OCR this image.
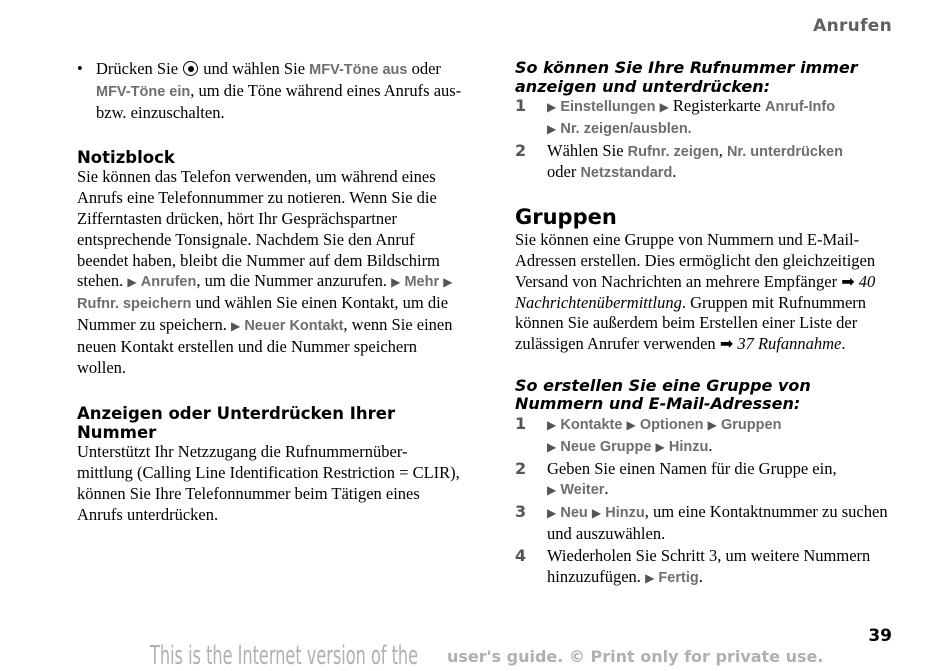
Anrufen
• Drücken Sie und wählen Sie MFV-Töne aus oder MFV-Töne ein, um die Töne während eines Anrufs aus- bzw. einzuschalten.
Notizblock

Sie können das Telefon verwenden, um während eines Anrufs eine Telefonnummer zu notieren. Wenn Sie die Zifferntasten drücken, hört Ihr Gesprächspartner entsprechende Tonsignale. Nachdem Sie den Anruf beendet haben, bleibt die Nummer auf dem Bildschirm stehen. ▶ Anrufen, um die Nummer anzurufen. ▶ Mehr ▶ Rufnr. speichern und wählen Sie einen Kontakt, um die Nummer zu speichern. ▶ Neuer Kontakt, wenn Sie einen neuen Kontakt erstellen und die Nummer speichern wollen.

Anzeigen oder Unterdrücken Ihrer Nummer

Unterstützt Ihr Netzzugang die Rufnummernüber-mittlung (Calling Line Identification Restriction = CLIR), können Sie Ihre Telefonnummer beim Tätigen eines Anrufs unterdrücken.

So können Sie Ihre Rufnummer immer anzeigen und unterdrücken:
1 ▶ Einstellungen ▶ Registerkarte Anruf-Info
▶ Nr. zeigen/ausblen.
2 Wählen Sie Rufnr. zeigen, Nr. unterdrücken
oder Netzstandard.
Gruppen

Sie können eine Gruppe von Nummern und E-Mail-Adressen erstellen. Dies ermöglicht den gleichzeitigen Versand von Nachrichten an mehrere Empfänger ➡ 40 Nachrichtenübermittlung. Gruppen mit Rufnummern können Sie außerdem beim Erstellen einer Liste der zulässigen Anrufer verwenden ➡ 37 Rufannahme.

So erstellen Sie eine Gruppe von Nummern und E-Mail-Adressen:
1 ▶ Kontakte ▶ Optionen ▶ Gruppen
▶ Neue Gruppe ▶ Hinzu.
2 Geben Sie einen Namen für die Gruppe ein,
▶ Weiter.
3 ▶ Neu ▶ Hinzu, um eine Kontaktnummer zu suchen und auszuwählen.
4 Wiederholen Sie Schritt 3, um weitere Nummern hinzuzufügen. ▶ Fertig.
39
This is the Internet version of the user's guide. © Print only for private use.
